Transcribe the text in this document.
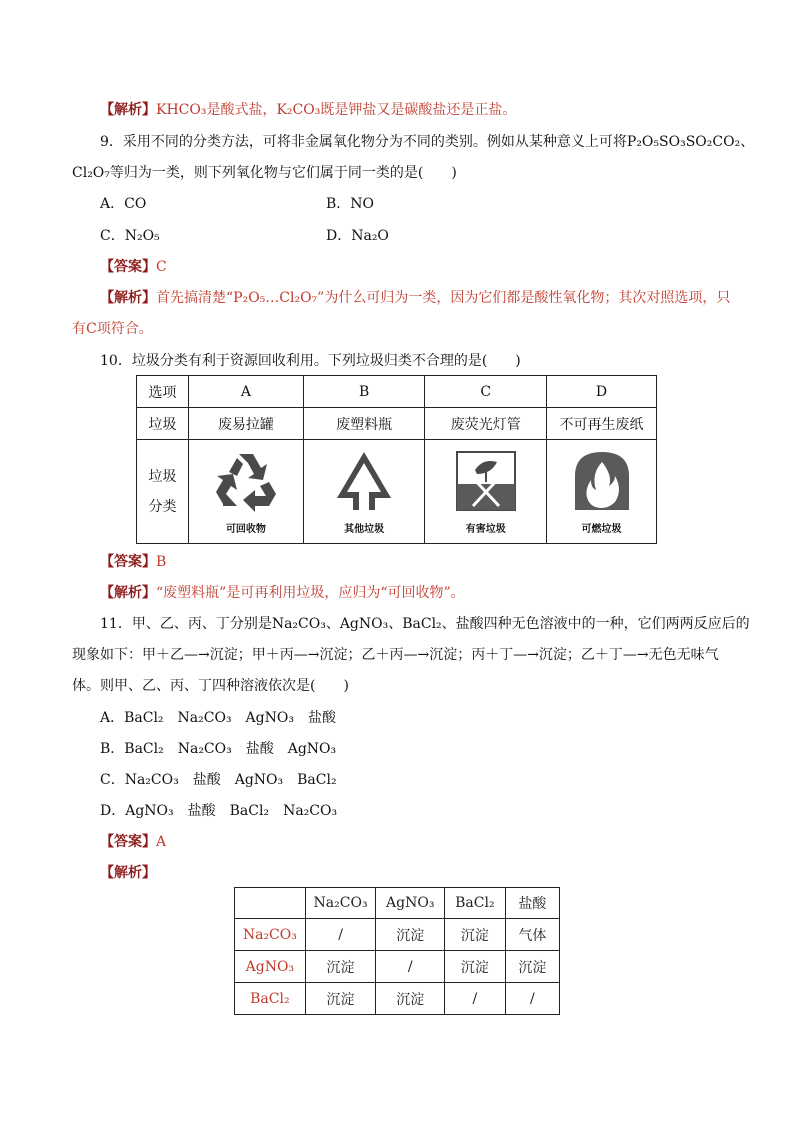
【解析】KHCO₃是酸式盐，K₂CO₃既是钾盐又是碳酸盐还是正盐。
9．采用不同的分类方法，可将非金属氧化物分为不同的类别。例如从某种意义上可将P₂O₅SO₃SO₂CO₂、
Cl₂O₇等归为一类，则下列氧化物与它们属于同一类的是(　　)
A．CO	B．NO
C．N₂O₅	D．Na₂O
【答案】C
【解析】首先搞清楚“P₂O₅…Cl₂O₇”为什么可归为一类，因为它们都是酸性氧化物；其次对照选项，只
有C项符合。
10．垃圾分类有利于资源回收利用。下列垃圾归类不合理的是(　　)
选项	A	B	C	D
垃圾	废易拉罐	废塑料瓶	废荧光灯管	不可再生废纸
垃圾
分类	可回收物	其他垃圾	有害垃圾	可燃垃圾
【答案】B
【解析】“废塑料瓶”是可再利用垃圾，应归为“可回收物”。
11．甲、乙、丙、丁分别是Na₂CO₃、AgNO₃、BaCl₂、盐酸四种无色溶液中的一种，它们两两反应后的
现象如下：甲＋乙—→沉淀；甲＋丙—→沉淀；乙＋丙—→沉淀；丙＋丁—→沉淀；乙＋丁—→无色无味气
体。则甲、乙、丙、丁四种溶液依次是(　　)
A．BaCl₂　Na₂CO₃　AgNO₃　盐酸
B．BaCl₂　Na₂CO₃　盐酸　AgNO₃
C．Na₂CO₃　盐酸　AgNO₃　BaCl₂
D．AgNO₃　盐酸　BaCl₂　Na₂CO₃
【答案】A
【解析】
	Na₂CO₃	AgNO₃	BaCl₂	盐酸
Na₂CO₃	/	沉淀	沉淀	气体
AgNO₃	沉淀	/	沉淀	沉淀
BaCl₂	沉淀	沉淀	/	/
